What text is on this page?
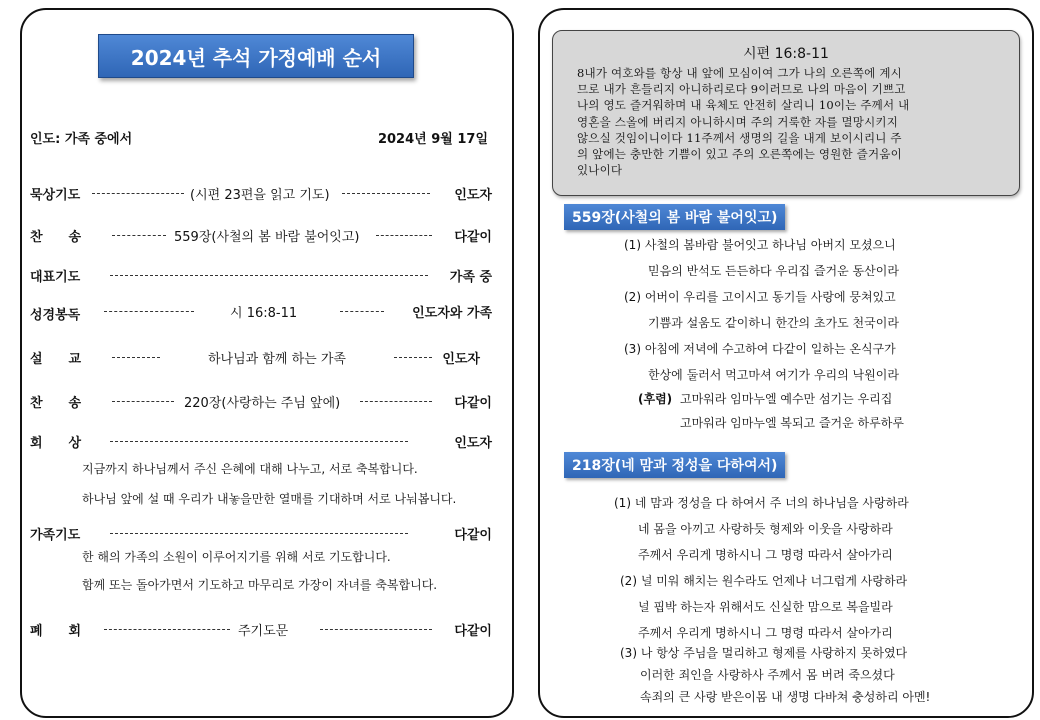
2024년 추석 가정예배 순서
인도: 가족 중에서	2024년 9월 17일
묵상기도	(시편 23편을 읽고 기도)	인도자
찬　　송	559장(사철의 봄 바람 불어잇고)	다같이
대표기도	가족 중
성경봉독	시 16:8-11	인도자와 가족
설　　교	하나님과 함께 하는 가족	인도자
찬　　송	220장(사랑하는 주님 앞에)	다같이
회　　상	인도자
지금까지 하나님께서 주신 은혜에 대해 나누고, 서로 축복합니다.
하나님 앞에 설 때 우리가 내놓을만한 열매를 기대하며 서로 나눠봅니다.
가족기도	다같이
한 해의 가족의 소원이 이루어지기를 위해 서로 기도합니다.
함께 또는 돌아가면서 기도하고 마무리로 가장이 자녀를 축복합니다.
폐　　회	주기도문	다같이
시편 16:8-11
8내가 여호와를 항상 내 앞에 모심이여 그가 나의 오른쪽에 계시
므로 내가 흔들리지 아니하리로다 9이러므로 나의 마음이 기쁘고
나의 영도 즐거워하며 내 육체도 안전히 살리니 10이는 주께서 내
영혼을 스올에 버리지 아니하시며 주의 거룩한 자를 멸망시키지
않으실 것임이니이다 11주께서 생명의 길을 내게 보이시리니 주
의 앞에는 충만한 기쁨이 있고 주의 오른쪽에는 영원한 즐거움이
있나이다
559장(사철의 봄 바람 불어잇고)
(1) 사철의 봄바람 불어잇고 하나님 아버지 모셨으니
믿음의 반석도 든든하다 우리집 즐거운 동산이라
(2) 어버이 우리를 고이시고 동기들 사랑에 뭉쳐있고
기쁨과 설움도 같이하니 한간의 초가도 천국이라
(3) 아침에 저녁에 수고하여 다같이 일하는 온식구가
한상에 둘러서 먹고마셔 여기가 우리의 낙원이라
(후렴) 고마워라 임마누엘 예수만 섬기는 우리집
고마워라 임마누엘 복되고 즐거운 하루하루
218장(네 맘과 정성을 다하여서)
(1) 네 맘과 정성을 다 하여서 주 너의 하나님을 사랑하라
네 몸을 아끼고 사랑하듯 형제와 이웃을 사랑하라
주께서 우리게 명하시니 그 명령 따라서 살아가리
(2) 널 미워 해치는 원수라도 언제나 너그럽게 사랑하라
널 핍박 하는자 위해서도 신실한 맘으로 복을빌라
주께서 우리게 명하시니 그 명령 따라서 살아가리
(3) 나 항상 주님을 멀리하고 형제를 사랑하지 못하였다
이러한 죄인을 사랑하사 주께서 몸 버려 죽으셨다
속죄의 큰 사랑 받은이몸 내 생명 다바쳐 충성하리 아멘!
